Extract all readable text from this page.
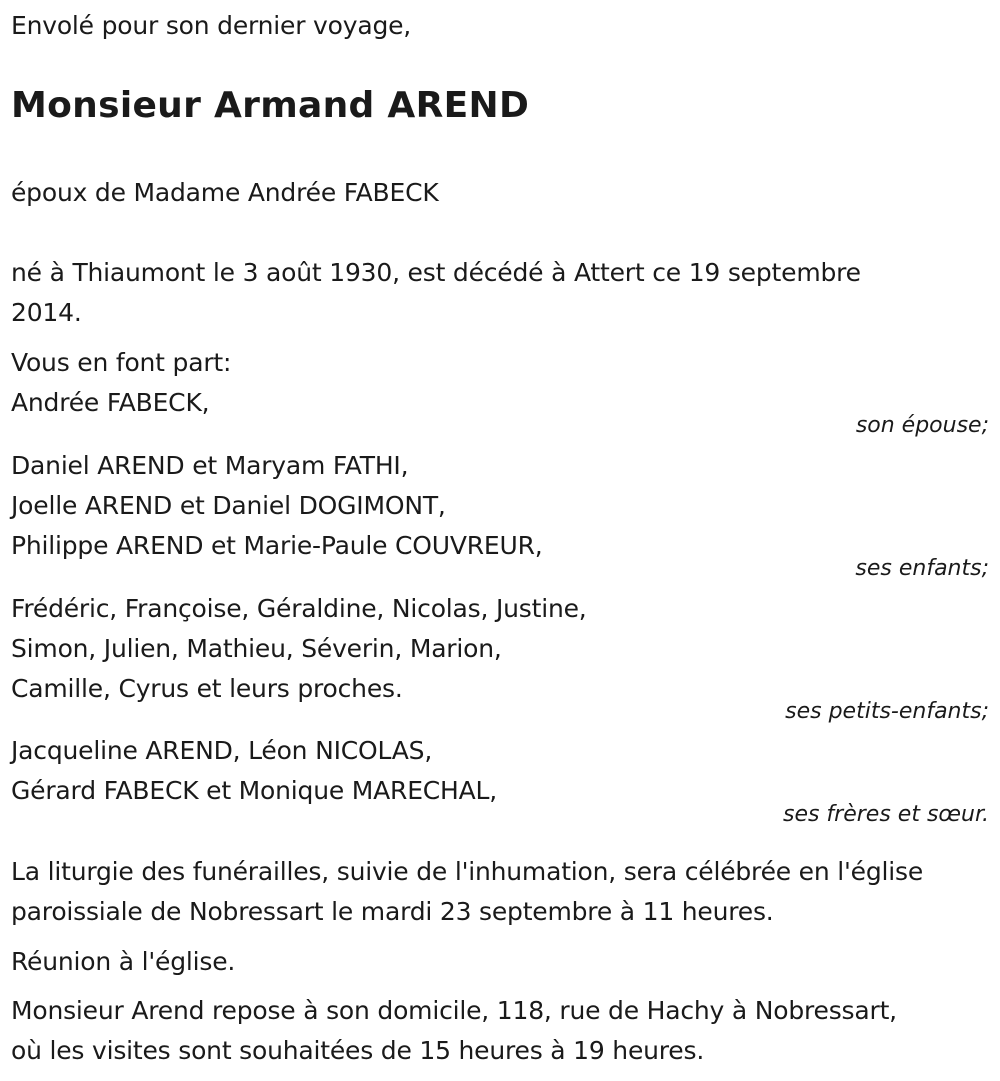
Envolé pour son dernier voyage,
Monsieur Armand AREND
époux de Madame Andrée FABECK
né à Thiaumont le 3 août 1930, est décédé à Attert ce 19 septembre
2014.
Vous en font part:
Andrée FABECK,
son épouse;
Daniel AREND et Maryam FATHI,
Joelle AREND et Daniel DOGIMONT,
Philippe AREND et Marie-Paule COUVREUR,
ses enfants;
Frédéric, Françoise, Géraldine, Nicolas, Justine,
Simon, Julien, Mathieu, Séverin, Marion,
Camille, Cyrus et leurs proches.
ses petits-enfants;
Jacqueline AREND, Léon NICOLAS,
Gérard FABECK et Monique MARECHAL,
ses frères et sœur.
La liturgie des funérailles, suivie de l'inhumation, sera célébrée en l'église
paroissiale de Nobressart le mardi 23 septembre à 11 heures.
Réunion à l'église.
Monsieur Arend repose à son domicile, 118, rue de Hachy à Nobressart,
où les visites sont souhaitées de 15 heures à 19 heures.
